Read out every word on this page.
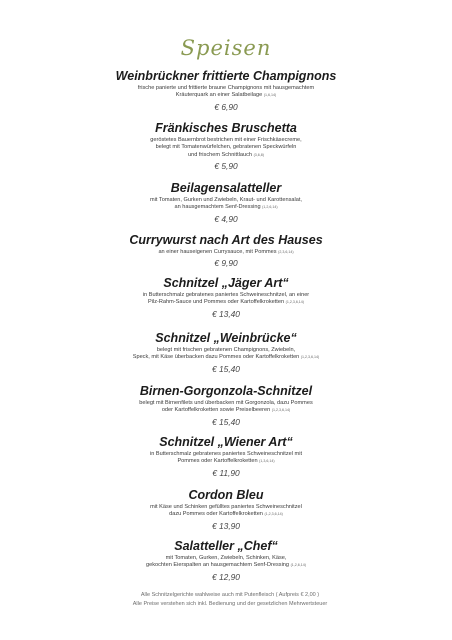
Speisen
Weinbrückner frittierte Champignons
frische panierte und frittierte braune Champignons mit hausgemachtem
Kräuterquark an einer Salatbeilage (1,6,14)
€ 6,90
Fränkisches Bruschetta
geröstetes Bauernbrot bestrichen mit einer Frischkäsecreme,
belegt mit Tomatenwürfelchen, gebratenen Speckwürfeln
und frischem Schnittlauch (3,6,8)
€ 5,90
Beilagensalatteller
mit Tomaten, Gurken und Zwiebeln, Kraut- und Karottensalat,
an hausgemachtem Senf-Dressing (1,2,6,14)
€ 4,90
Currywurst nach Art des Hauses
an einer hauseigenen Currysauce, mit Pommes (2,3,6,14)
€ 9,90
Schnitzel „Jäger Art“
in Butterschmalz gebratenes paniertes Schweineschnitzel, an einer
Pilz-Rahm-Sauce und Pommes oder Kartoffelkroketten (1,2,3,6,14)
€ 13,40
Schnitzel „Weinbrücke“
belegt mit frischen gebratenen Champignons, Zwiebeln,
Speck, mit Käse überbacken dazu Pommes oder Kartoffelkroketten (1,2,3,6,14)
€ 15,40
Birnen-Gorgonzola-Schnitzel
belegt mit Birnenfilets und überbacken mit Gorgonzola, dazu Pommes
oder Kartoffelkroketten sowie Preiselbeeren (1,2,3,6,14)
€ 15,40
Schnitzel „Wiener Art“
in Butterschmalz gebratenes paniertes Schweineschnitzel mit
Pommes oder Kartoffelkroketten (1,3,6,14)
€ 11,90
Cordon Bleu
mit Käse und Schinken gefülltes paniertes Schweineschnitzel
dazu Pommes oder Kartoffelkroketten (1,2,3,6,14)
€ 13,90
Salatteller „Chef“
mit Tomaten, Gurken, Zwiebeln, Schinken, Käse,
gekochten Eierspalten an hausgemachtem Senf-Dressing (1,2,6,14)
€ 12,90
Alle Schnitzelgerichte wahlweise auch mit Putenfleisch ( Aufpreis € 2,00 )
Alle Preise verstehen sich inkl. Bedienung und der gesetzlichen Mehrwertsteuer
